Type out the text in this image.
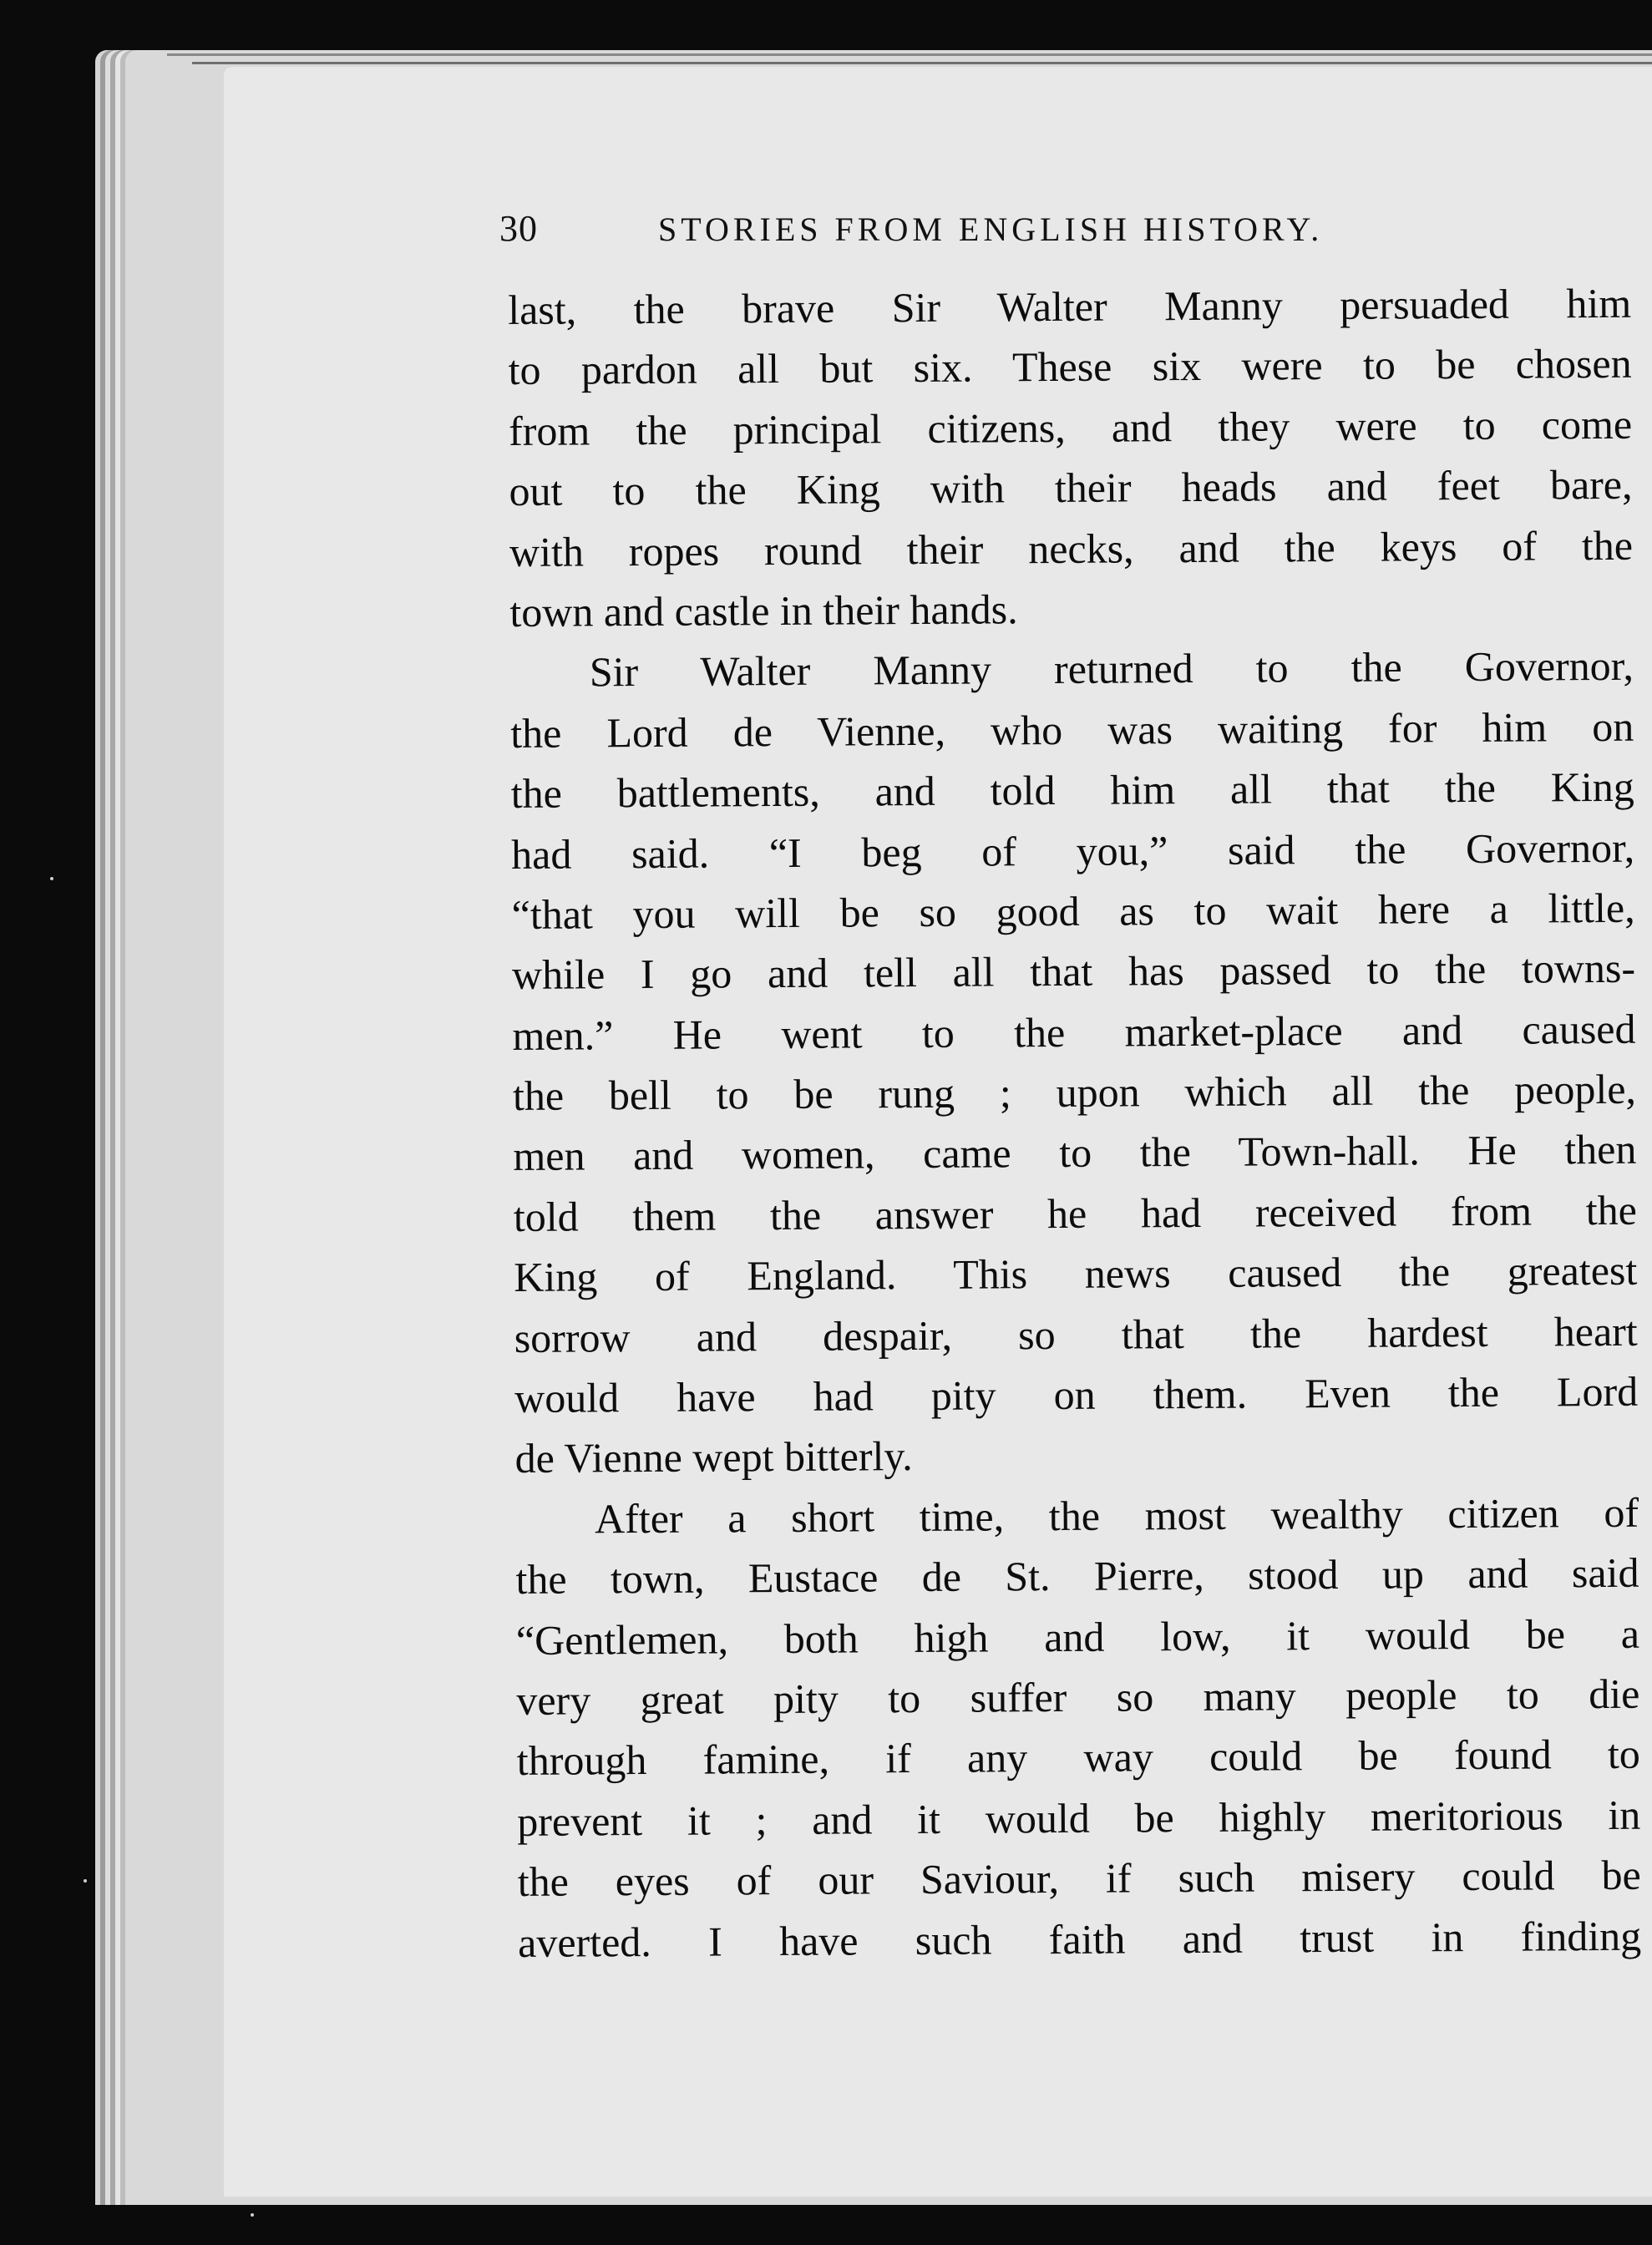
30	STORIES FROM ENGLISH HISTORY.
last, the brave Sir Walter Manny persuaded him
to pardon all but six. These six were to be chosen
from the principal citizens, and they were to come
out to the King with their heads and feet bare,
with ropes round their necks, and the keys of the
town and castle in their hands.
Sir Walter Manny returned to the Governor,
the Lord de Vienne, who was waiting for him on
the battlements, and told him all that the King
had said. “I beg of you,” said the Governor,
“that you will be so good as to wait here a little,
while I go and tell all that has passed to the towns-
men.” He went to the market-place and caused
the bell to be rung ; upon which all the people,
men and women, came to the Town-hall. He then
told them the answer he had received from the
King of England. This news caused the greatest
sorrow and despair, so that the hardest heart
would have had pity on them. Even the Lord
de Vienne wept bitterly.
After a short time, the most wealthy citizen of
the town, Eustace de St. Pierre, stood up and said
“Gentlemen, both high and low, it would be a
very great pity to suffer so many people to die
through famine, if any way could be found to
prevent it ; and it would be highly meritorious in
the eyes of our Saviour, if such misery could be
averted. I have such faith and trust in finding
